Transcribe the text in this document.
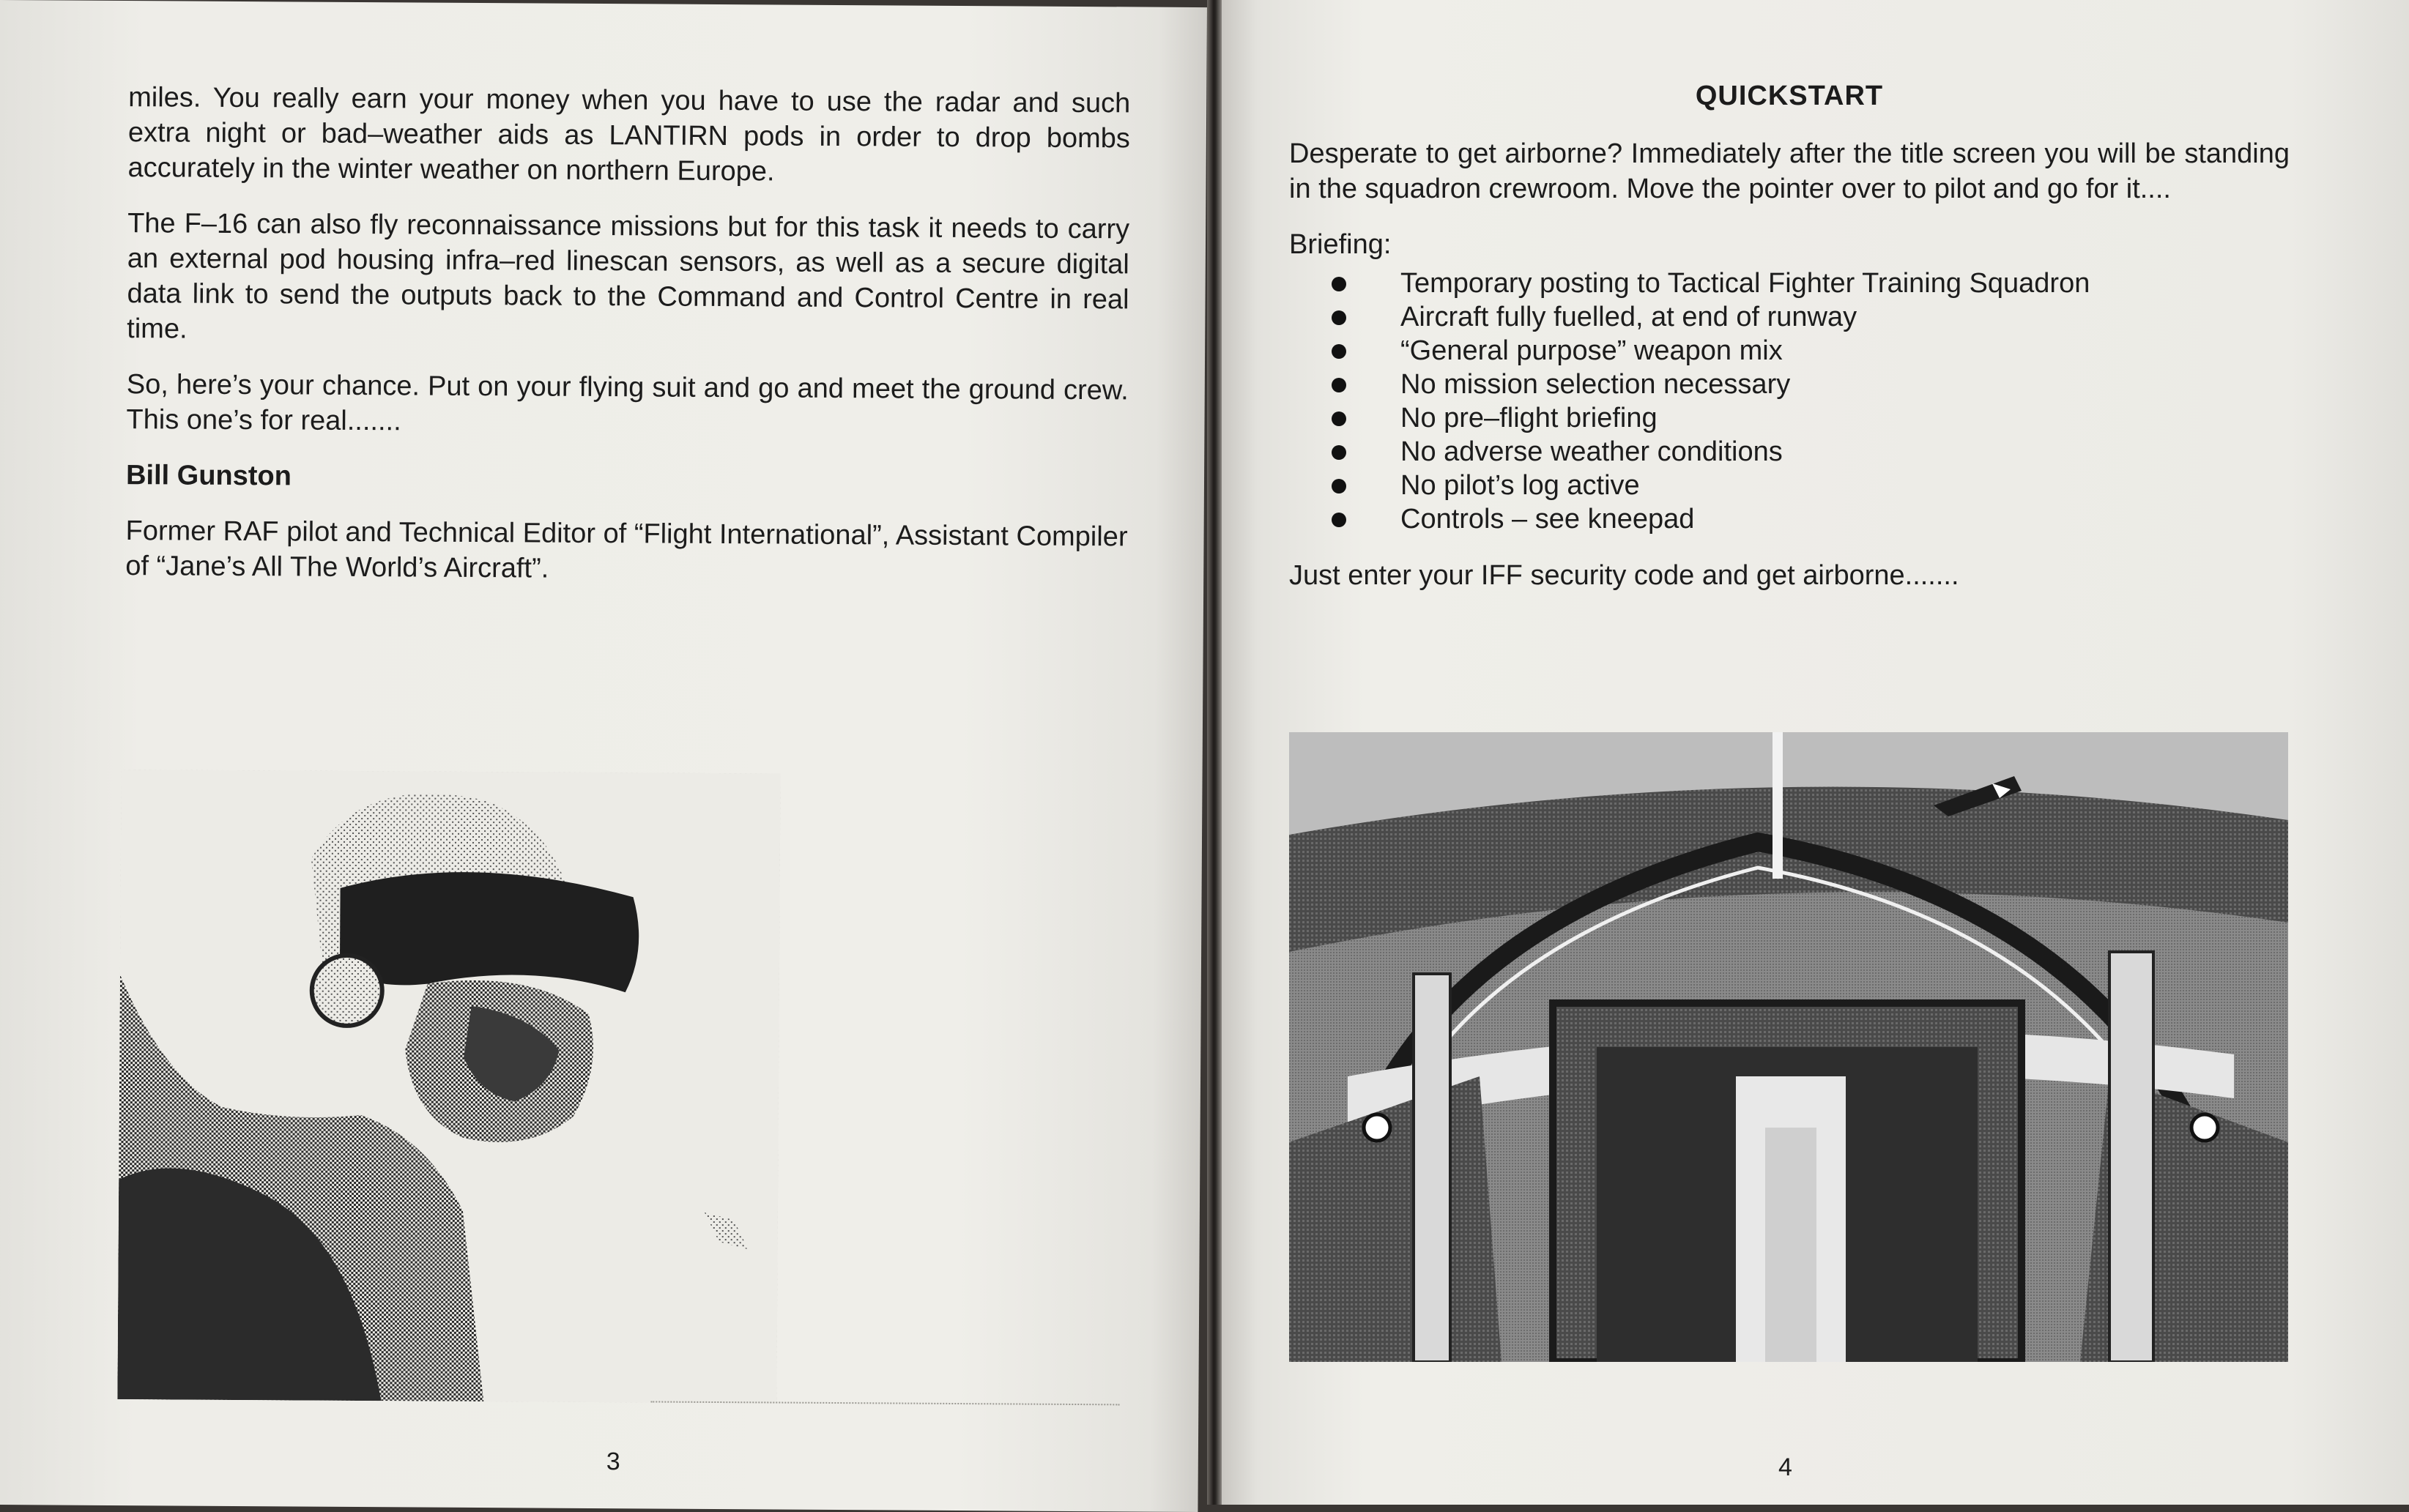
miles. You really earn your money when you have to use the radar and such extra night or bad–weather aids as LANTIRN pods in order to drop bombs accurately in the winter weather on northern Europe.

The F–16 can also fly reconnaissance missions but for this task it needs to carry an external pod housing infra–red linescan sensors, as well as a secure digital data link to send the outputs back to the Command and Control Centre in real time.

So, here’s your chance. Put on your flying suit and go and meet the ground crew. This one’s for real.......

Bill Gunston

Former RAF pilot and Technical Editor of “Flight International”, Assistant Compiler of “Jane’s All The World’s Aircraft”.

3
QUICKSTART

Desperate to get airborne? Immediately after the title screen you will be standing in the squadron crewroom. Move the pointer over to pilot and go for it....

Briefing:

Temporary posting to Tactical Fighter Training Squadron
Aircraft fully fuelled, at end of runway
“General purpose” weapon mix
No mission selection necessary
No pre–flight briefing
No adverse weather conditions
No pilot’s log active
Controls – see kneepad

Just enter your IFF security code and get airborne.......

4
